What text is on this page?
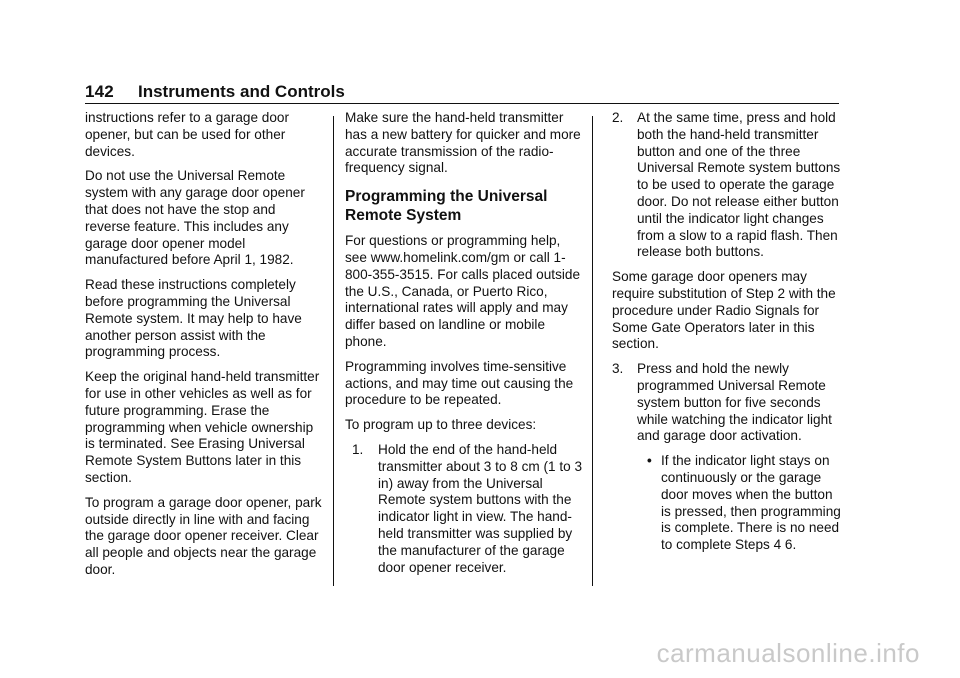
142 Instruments and Controls

instructions refer to a garage door opener, but can be used for other devices.

Do not use the Universal Remote system with any garage door opener that does not have the stop and reverse feature. This includes any garage door opener model manufactured before April 1, 1982.

Read these instructions completely before programming the Universal Remote system. It may help to have another person assist with the programming process.

Keep the original hand-held transmitter for use in other vehicles as well as for future programming. Erase the programming when vehicle ownership is terminated. See Erasing Universal Remote System Buttons later in this section.

To program a garage door opener, park outside directly in line with and facing the garage door opener receiver. Clear all people and objects near the garage door.

Make sure the hand-held transmitter has a new battery for quicker and more accurate transmission of the radio-frequency signal.

Programming the Universal Remote System

For questions or programming help, see www.homelink.com/gm or call 1-800-355-3515. For calls placed outside the U.S., Canada, or Puerto Rico, international rates will apply and may differ based on landline or mobile phone.

Programming involves time-sensitive actions, and may time out causing the procedure to be repeated.

To program up to three devices:

1.	Hold the end of the hand-held transmitter about 3 to 8 cm (1 to 3 in) away from the Universal Remote system buttons with the indicator light in view. The hand-held transmitter was supplied by the manufacturer of the garage door opener receiver.
2.	At the same time, press and hold both the hand-held transmitter button and one of the three Universal Remote system buttons to be used to operate the garage door. Do not release either button until the indicator light changes from a slow to a rapid flash. Then release both buttons.

Some garage door openers may require substitution of Step 2 with the procedure under Radio Signals for Some Gate Operators later in this section.

3.	Press and hold the newly programmed Universal Remote system button for five seconds while watching the indicator light and garage door activation.
• If the indicator light stays on continuously or the garage door moves when the button is pressed, then programming is complete. There is no need to complete Steps 4 6.
carmanualsonline.info
